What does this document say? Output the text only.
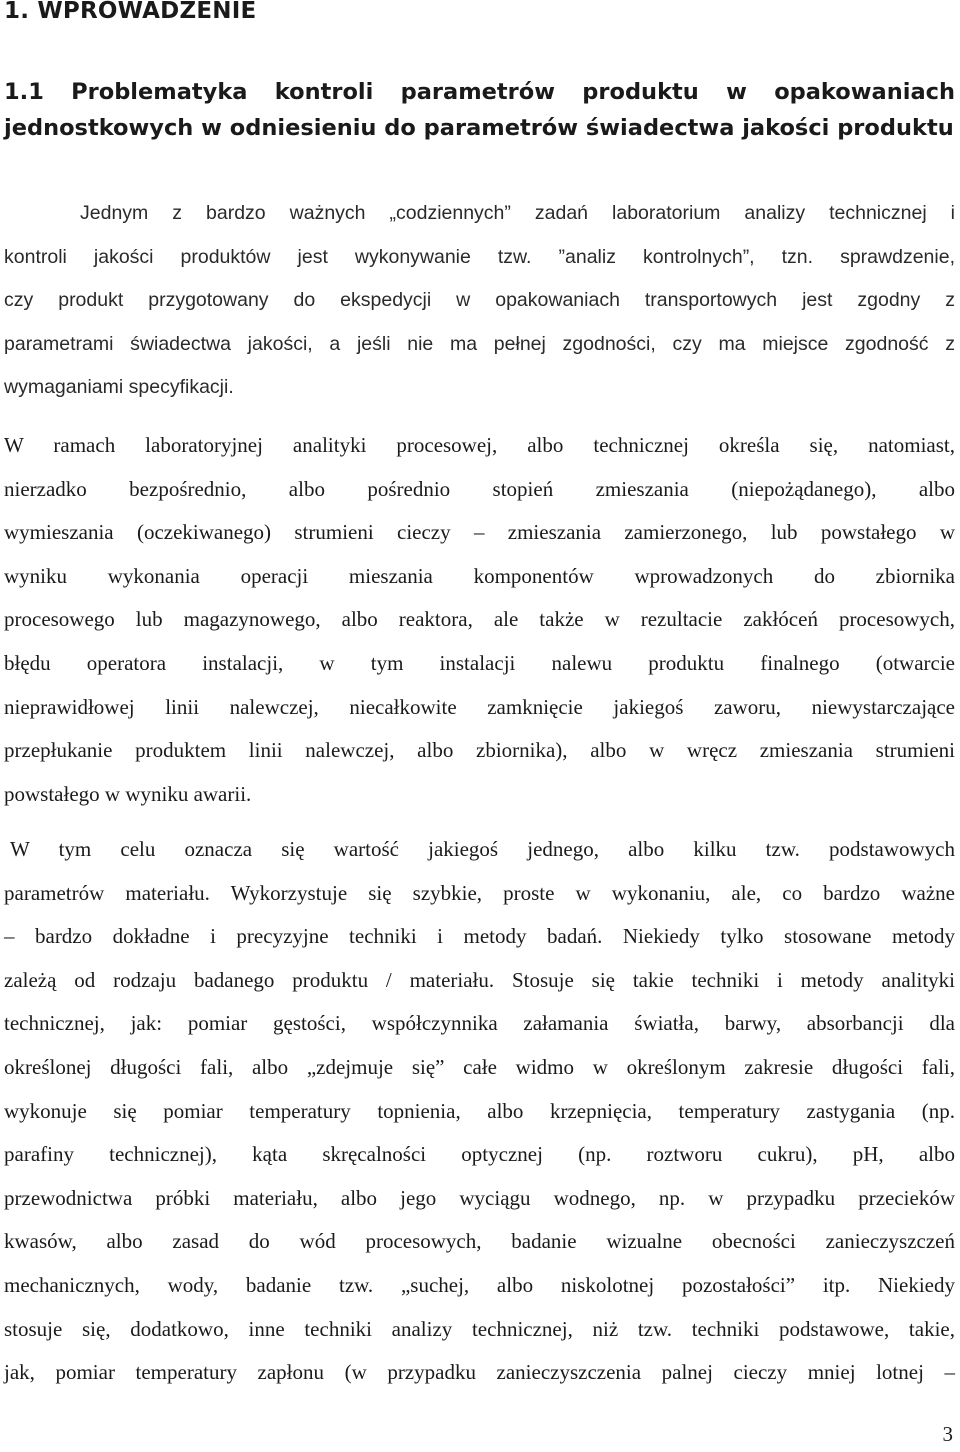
1. WPROWADZENIE
1.1 Problematyka kontroli parametrów produktu w opakowaniach
jednostkowych w odniesieniu do parametrów świadectwa jakości produktu
Jednym z bardzo ważnych „codziennych” zadań laboratorium analizy technicznej i
kontroli jakości produktów jest wykonywanie tzw. ”analiz kontrolnych”, tzn. sprawdzenie,
czy produkt przygotowany do ekspedycji w opakowaniach transportowych jest zgodny z
parametrami świadectwa jakości, a jeśli nie ma pełnej zgodności, czy ma miejsce zgodność z
wymaganiami specyfikacji.
W ramach laboratoryjnej analityki procesowej, albo technicznej określa się, natomiast,
nierzadko bezpośrednio, albo pośrednio stopień zmieszania (niepożądanego), albo
wymieszania (oczekiwanego) strumieni cieczy – zmieszania zamierzonego, lub powstałego w
wyniku wykonania operacji mieszania komponentów wprowadzonych do zbiornika
procesowego lub magazynowego, albo reaktora, ale także w rezultacie zakłóceń procesowych,
błędu operatora instalacji, w tym instalacji nalewu produktu finalnego (otwarcie
nieprawidłowej linii nalewczej, niecałkowite zamknięcie jakiegoś zaworu, niewystarczające
przepłukanie produktem linii nalewczej, albo zbiornika), albo w wręcz zmieszania strumieni
powstałego w wyniku awarii.
W tym celu oznacza się wartość jakiegoś jednego, albo kilku tzw. podstawowych
parametrów materiału. Wykorzystuje się szybkie, proste w wykonaniu, ale, co bardzo ważne
– bardzo dokładne i precyzyjne techniki i metody badań. Niekiedy tylko stosowane metody
zależą od rodzaju badanego produktu / materiału. Stosuje się takie techniki i metody analityki
technicznej, jak: pomiar gęstości, współczynnika załamania światła, barwy, absorbancji dla
określonej długości fali, albo „zdejmuje się” całe widmo w określonym zakresie długości fali,
wykonuje się pomiar temperatury topnienia, albo krzepnięcia, temperatury zastygania (np.
parafiny technicznej), kąta skręcalności optycznej (np. roztworu cukru), pH, albo
przewodnictwa próbki materiału, albo jego wyciągu wodnego, np. w przypadku przecieków
kwasów, albo zasad do wód procesowych, badanie wizualne obecności zanieczyszczeń
mechanicznych, wody, badanie tzw. „suchej, albo niskolotnej pozostałości” itp. Niekiedy
stosuje się, dodatkowo, inne techniki analizy technicznej, niż tzw. techniki podstawowe, takie,
jak, pomiar temperatury zapłonu (w przypadku zanieczyszczenia palnej cieczy mniej lotnej –
3
